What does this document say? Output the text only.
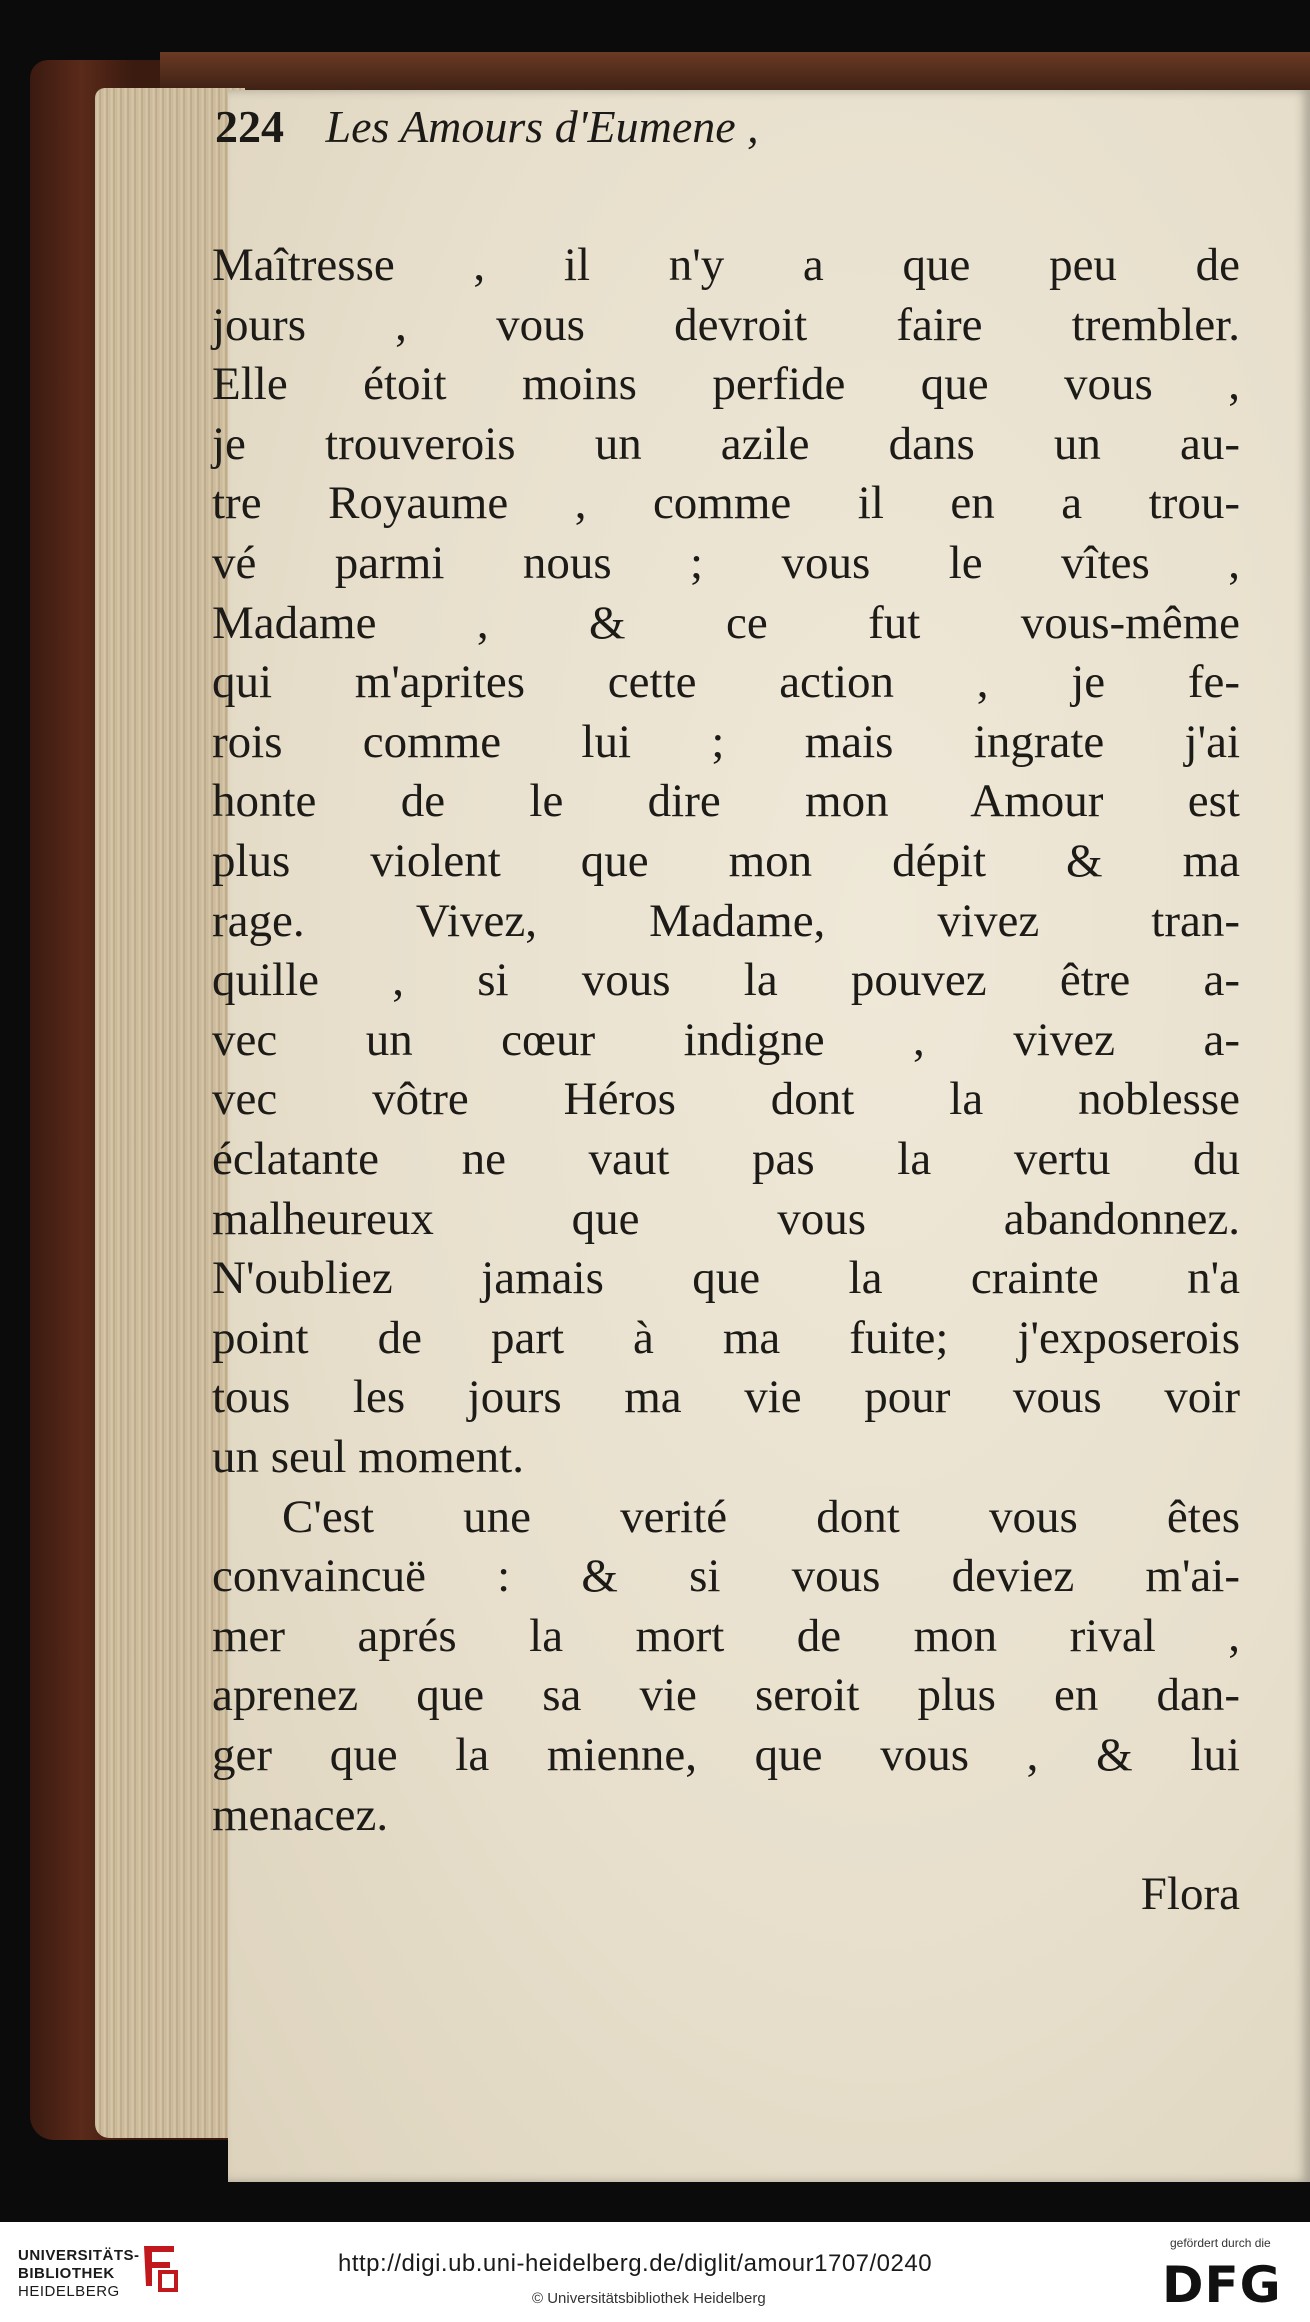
224 Les Amours d'Eumene ,
Maîtresse , il n'y a que peu de
jours , vous devroit faire trembler.
Elle étoit moins perfide que vous ,
je trouverois un azile dans un au-
tre Royaume , comme il en a trou-
vé parmi nous ; vous le vîtes ,
Madame , & ce fut vous-même
qui m'aprites cette action , je fe-
rois comme lui ; mais ingrate j'ai
honte de le dire mon Amour est
plus violent que mon dépit & ma
rage. Vivez, Madame, vivez tran-
quille , si vous la pouvez être a-
vec un cœur indigne , vivez a-
vec vôtre Héros dont la noblesse
éclatante ne vaut pas la vertu du
malheureux que vous abandonnez.
N'oubliez jamais que la crainte n'a
point de part à ma fuite; j'exposerois
tous les jours ma vie pour vous voir
un seul moment.
C'est une verité dont vous êtes
convaincuë : & si vous deviez m'ai-
mer aprés la mort de mon rival ,
aprenez que sa vie seroit plus en dan-
ger que la mienne, que vous , & lui
menacez.
Flora
UNIVERSITÄTS-
BIBLIOTHEK
HEIDELBERG
http://digi.ub.uni-heidelberg.de/diglit/amour1707/0240
© Universitätsbibliothek Heidelberg
gefördert durch die
DFG
